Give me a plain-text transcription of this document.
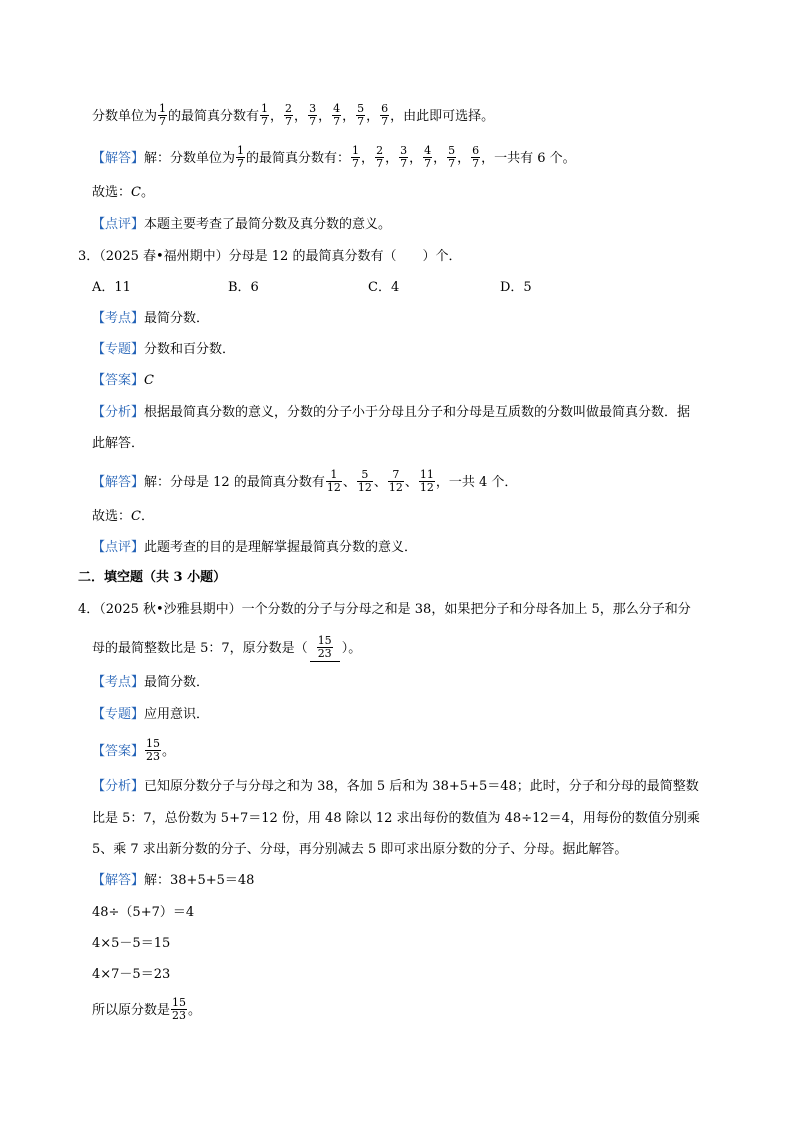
分数单位为 $\frac{1}{7}$ 的最简真分数有 $\frac{1}{7}$ ， $\frac{2}{7}$ ， $\frac{3}{7}$ ， $\frac{4}{7}$ ， $\frac{5}{7}$ ， $\frac{6}{7}$ ，由此即可选择。
【解答】解：分数单位为 $\frac{1}{7}$ 的最简真分数有： $\frac{1}{7}$ ， $\frac{2}{7}$ ， $\frac{3}{7}$ ， $\frac{4}{7}$ ， $\frac{5}{7}$ ， $\frac{6}{7}$ ，一共有 6 个。
故选：C。
【点评】本题主要考查了最简分数及真分数的意义。
3．（2025 春•福州期中）分母是 12 的最简真分数有（　　）个．
A．11	B．6	C．4	D．5
【考点】最简分数．
【专题】分数和百分数．
【答案】C
【分析】根据最简真分数的意义，分数的分子小于分母且分子和分母是互质数的分数叫做最简真分数．据
此解答．
【解答】解：分母是 12 的最简真分数有 $\frac{1}{12}$ 、 $\frac{5}{12}$ 、 $\frac{7}{12}$ 、 $\frac{11}{12}$ ，一共 4 个．
故选：C．
【点评】此题考查的目的是理解掌握最简真分数的意义．
二．填空题（共 3 小题）
4．（2025 秋•沙雅县期中）一个分数的分子与分母之和是 38，如果把分子和分母各加上 5，那么分子和分
母的最简整数比是 5：7，原分数是（ $\frac{15}{23}$ ）。
【考点】最简分数．
【专题】应用意识．
【答案】 $\frac{15}{23}$ 。
【分析】已知原分数分子与分母之和为 38，各加 5 后和为 38+5+5＝48；此时，分子和分母的最简整数
比是 5：7，总份数为 5+7＝12 份，用 48 除以 12 求出每份的数值为 48÷12＝4，用每份的数值分别乘
5、乘 7 求出新分数的分子、分母，再分别减去 5 即可求出原分数的分子、分母。据此解答。
【解答】解：38+5+5＝48
48÷（5+7）＝4
4×5－5＝15
4×7－5＝23
所以原分数是 $\frac{15}{23}$ 。
